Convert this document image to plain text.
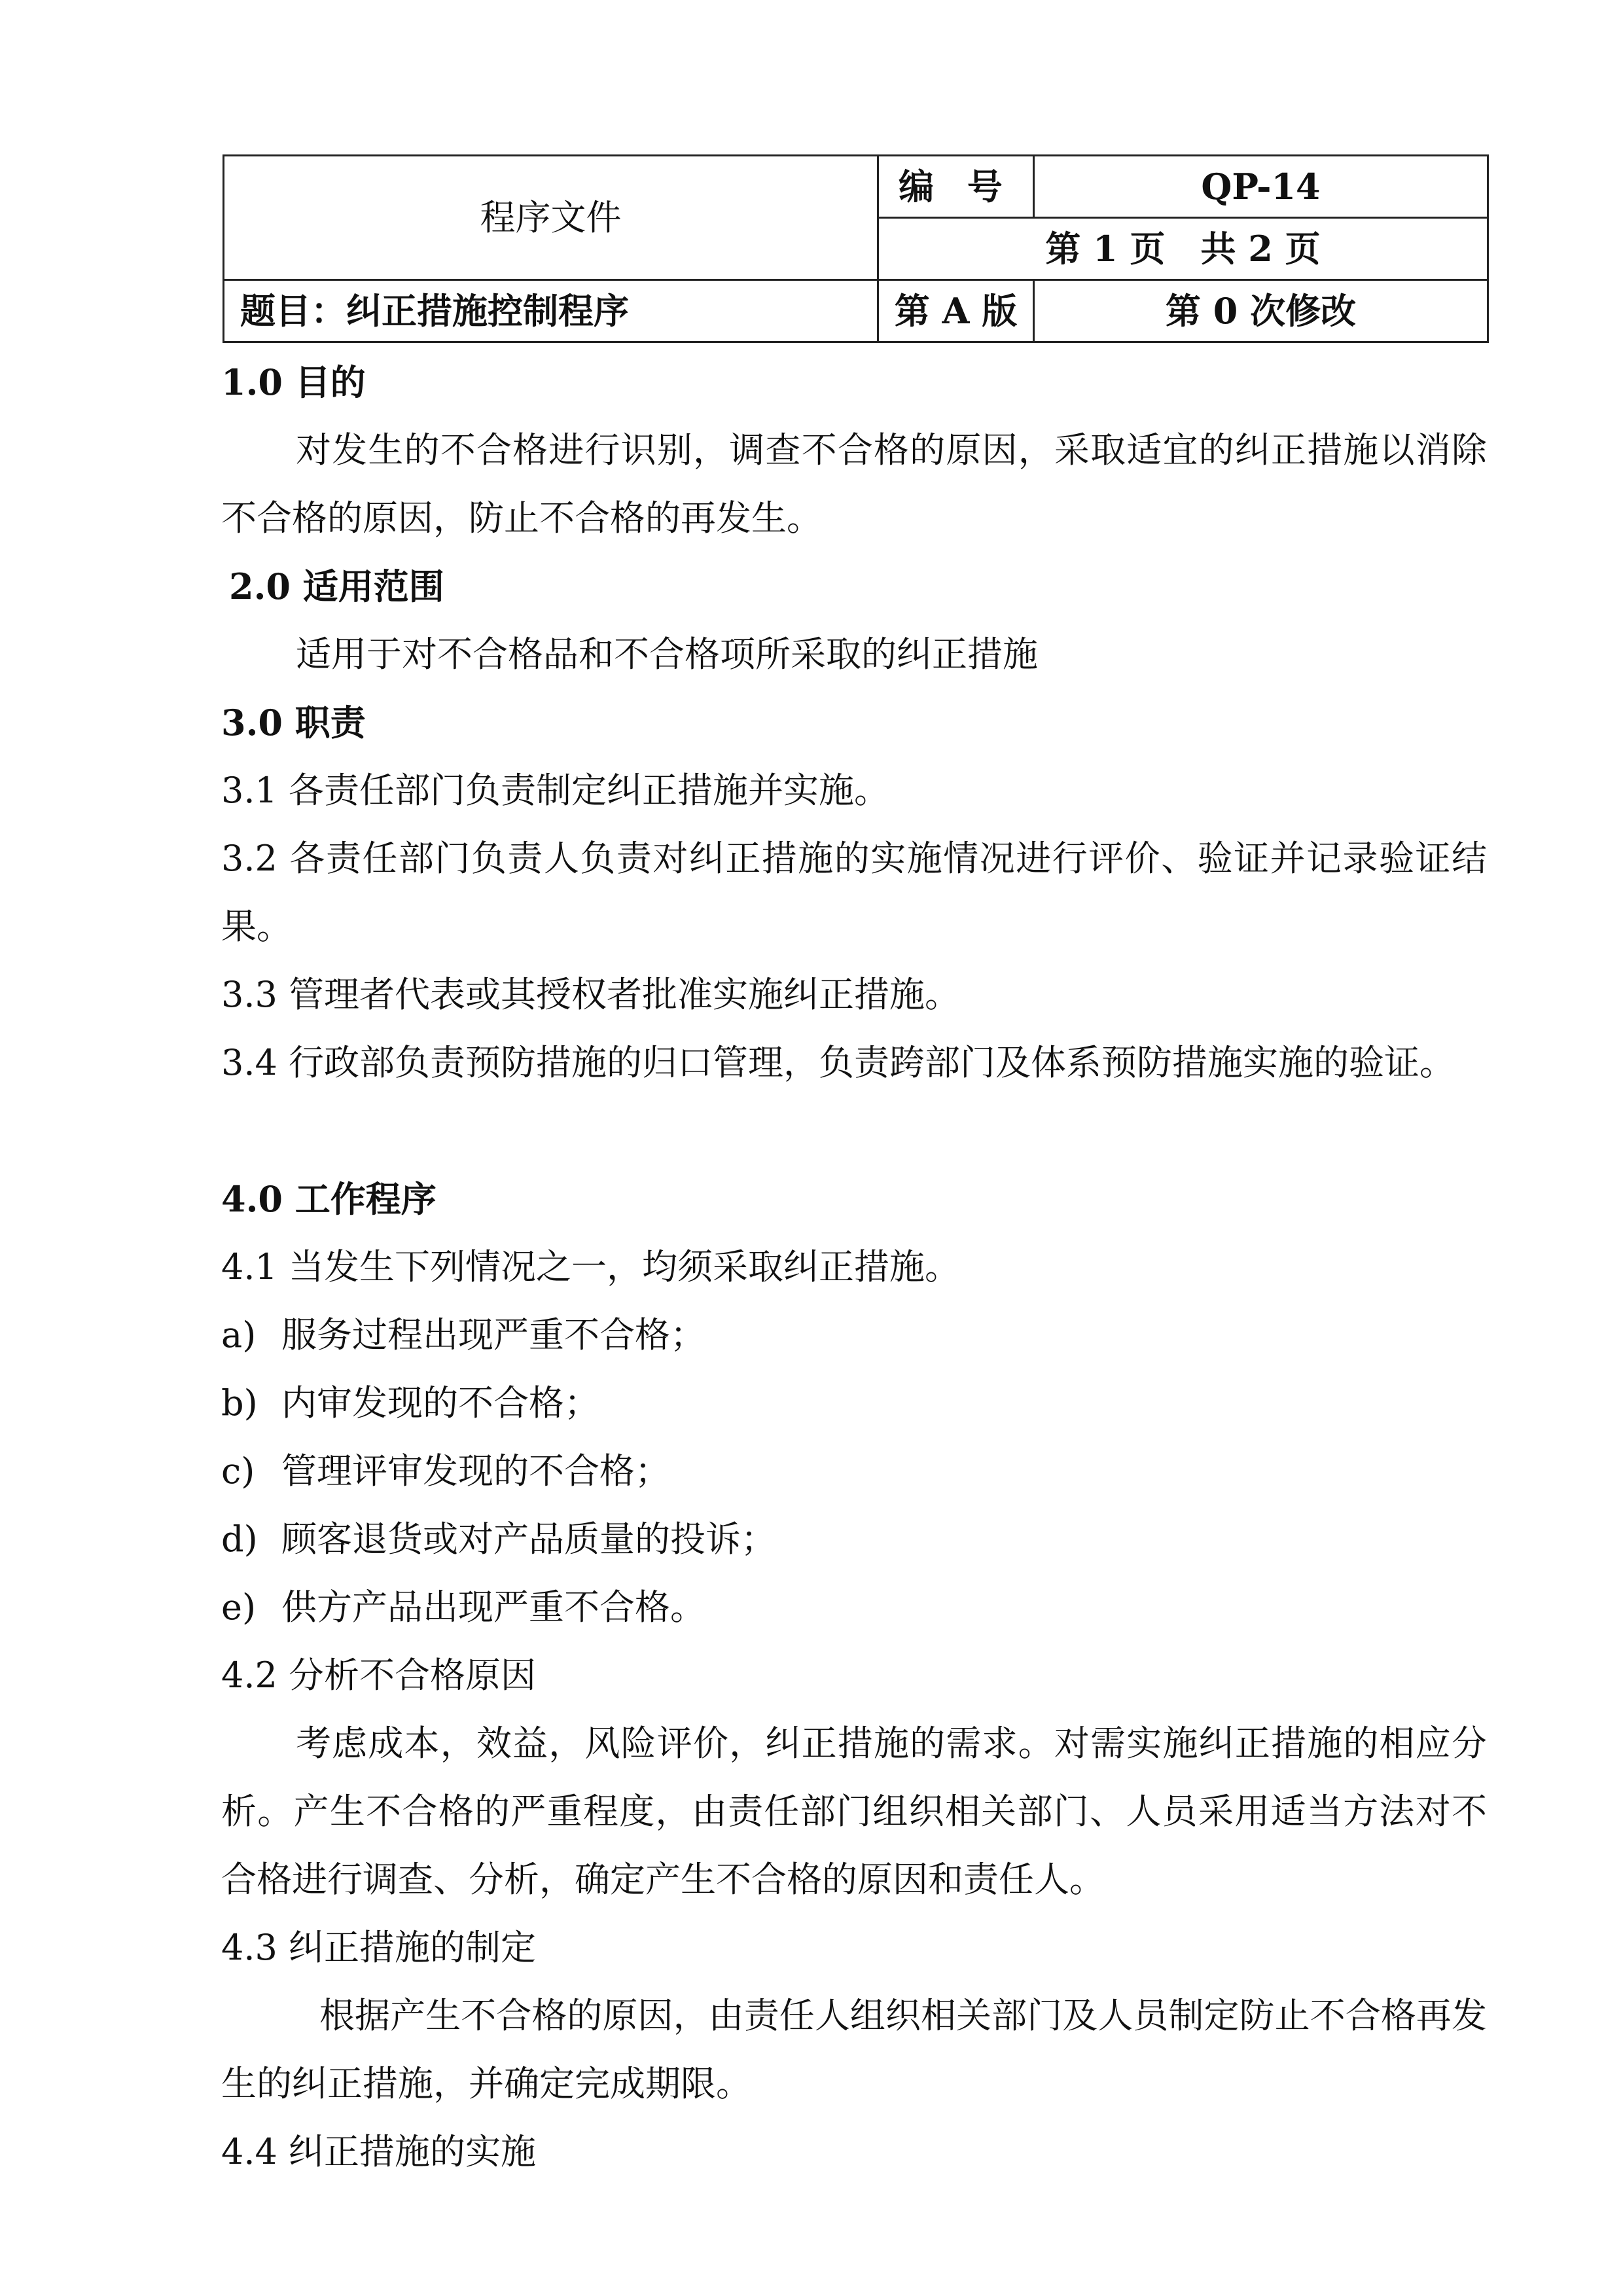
程序文件	编 号	QP-14
	第 1 页　共 2 页	
题目：纠正措施控制程序	第 A 版	第 0 次修改
1.0 目的
对发生的不合格进行识别，调查不合格的原因，采取适宜的纠正措施以消除不合格的原因，防止不合格的再发生。
2.0 适用范围
适用于对不合格品和不合格项所采取的纠正措施
3.0 职责
3.1 各责任部门负责制定纠正措施并实施。
3.2 各责任部门负责人负责对纠正措施的实施情况进行评价、验证并记录验证结果。
3.3 管理者代表或其授权者批准实施纠正措施。
3.4 行政部负责预防措施的归口管理，负责跨部门及体系预防措施实施的验证。
4.0 工作程序
4.1 当发生下列情况之一，均须采取纠正措施。
a) 服务过程出现严重不合格；
b) 内审发现的不合格；
c) 管理评审发现的不合格；
d) 顾客退货或对产品质量的投诉；
e) 供方产品出现严重不合格。
4.2 分析不合格原因
考虑成本，效益，风险评价，纠正措施的需求。对需实施纠正措施的相应分析。产生不合格的严重程度，由责任部门组织相关部门、人员采用适当方法对不合格进行调查、分析，确定产生不合格的原因和责任人。
4.3 纠正措施的制定
根据产生不合格的原因，由责任人组织相关部门及人员制定防止不合格再发生的纠正措施，并确定完成期限。
4.4 纠正措施的实施
